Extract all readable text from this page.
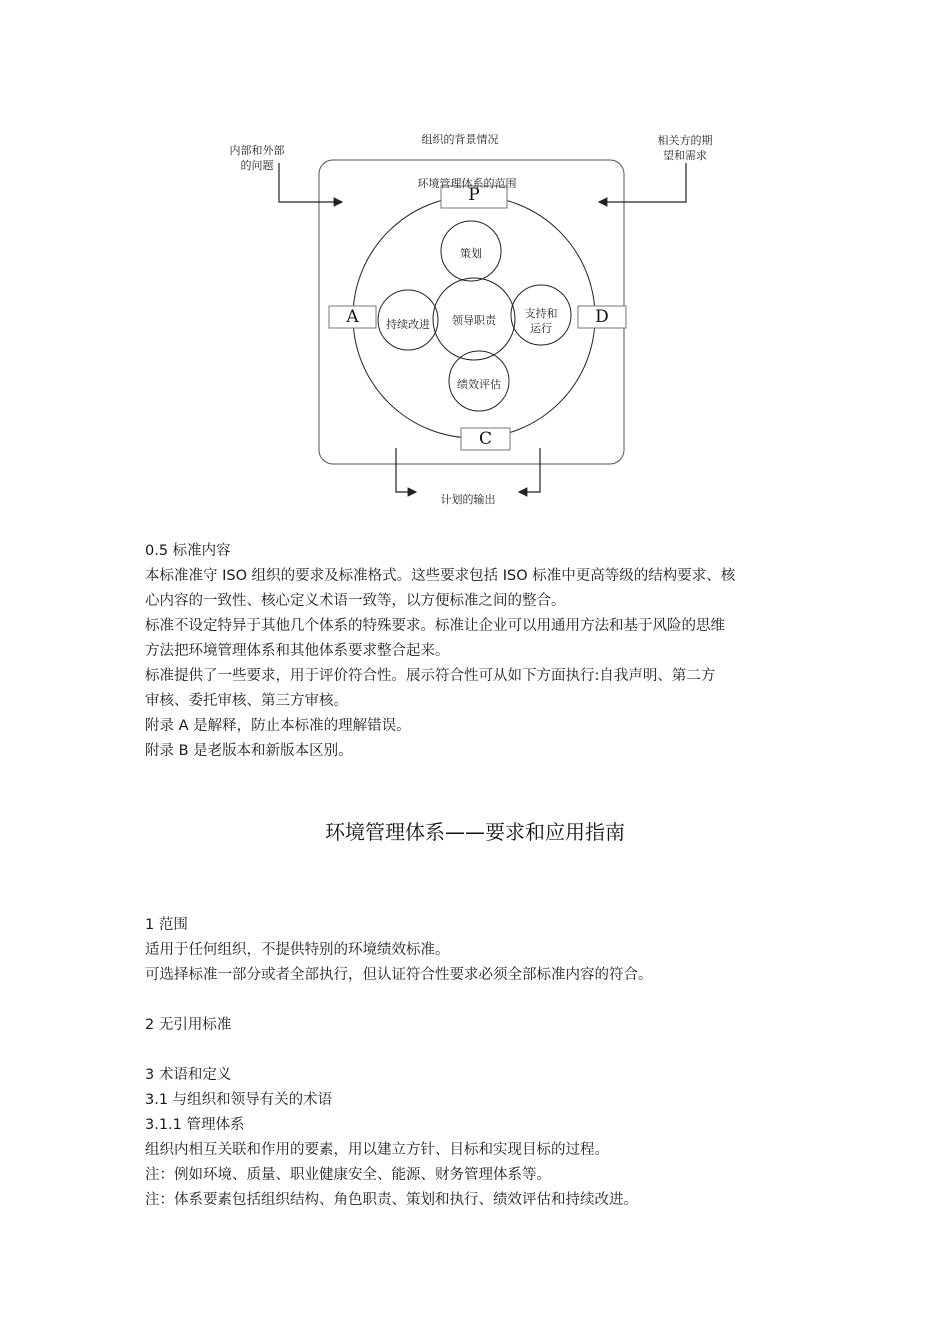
组织的背景情况
内部和外部
的问题
相关方的期
望和需求
环境管理体系的范围
P
D
C
A
策划
领导职责
支持和
运行
绩效评估
持续改进
计划的输出
0.5 标准内容
本标准准守 ISO 组织的要求及标准格式。这些要求包括 ISO 标准中更高等级的结构要求、核
心内容的一致性、核心定义术语一致等，以方便标准之间的整合。
标准不设定特异于其他几个体系的特殊要求。标准让企业可以用通用方法和基于风险的思维
方法把环境管理体系和其他体系要求整合起来。
标准提供了一些要求，用于评价符合性。展示符合性可从如下方面执行:自我声明、第二方
审核、委托审核、第三方审核。
附录 A 是解释，防止本标准的理解错误。
附录 B 是老版本和新版本区别。
环境管理体系——要求和应用指南
1 范围
适用于任何组织，不提供特别的环境绩效标准。
可选择标准一部分或者全部执行，但认证符合性要求必须全部标准内容的符合。
2 无引用标准
3 术语和定义
3.1 与组织和领导有关的术语
3.1.1 管理体系
组织内相互关联和作用的要素，用以建立方针、目标和实现目标的过程。
注：例如环境、质量、职业健康安全、能源、财务管理体系等。
注：体系要素包括组织结构、角色职责、策划和执行、绩效评估和持续改进。
